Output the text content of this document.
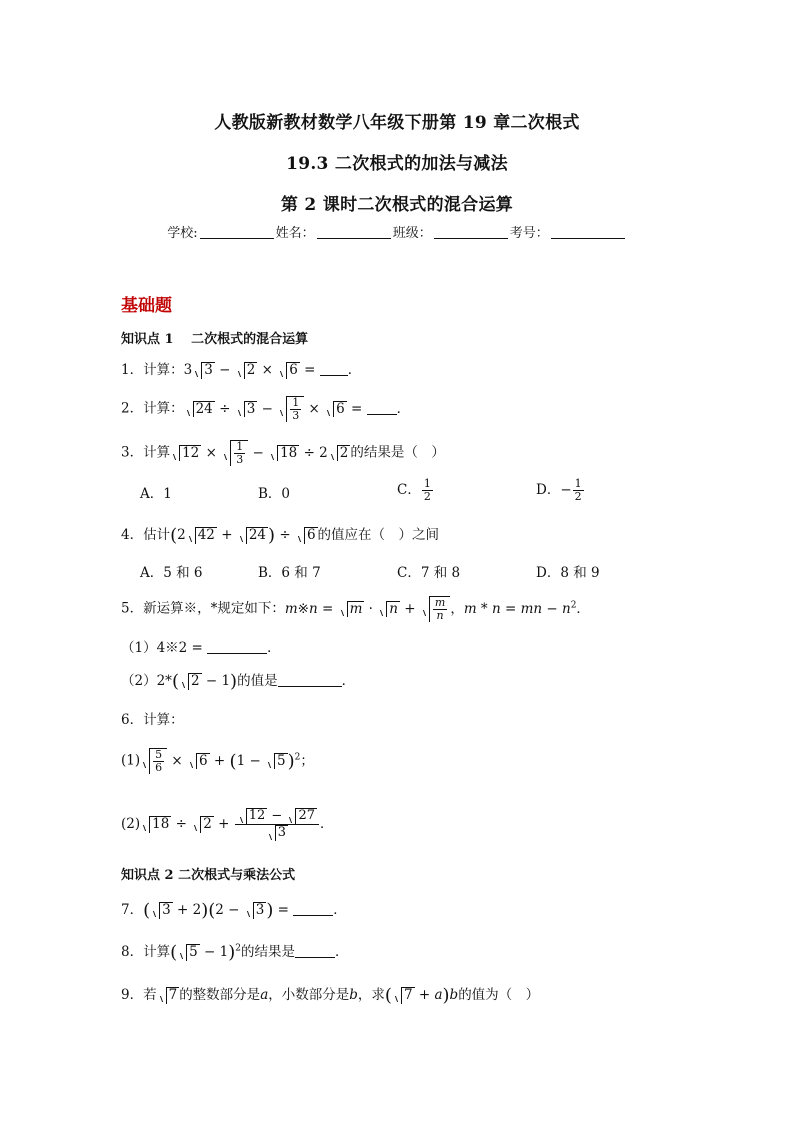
人教版新教材数学八年级下册第 19 章二次根式
19.3 二次根式的加法与减法
第 2 课时二次根式的混合运算
学校:	姓名：	班级：	考号：
基础题
知识点 1　 二次根式的混合运算
1．计算：3 3 − 2 × 6 = ．
2．计算： $24 \div 3 - \frac{1}{3} \times 6$ = ．
3．计算 $12 \times \frac{1}{3} - 18 \div 2$ 2 的结果是（　）
A．1	B．0	C． $\frac{1}{2}$	D．− $\frac{1}{2}$
4．估计(2 42 + 24 ) ÷ 6 的值应在（　）之间
A．5 和 6	B．6 和 7	C．7 和 8	D．8 和 9
5．新运算※，*规定如下：m※n = $m \cdot n + \frac{m}{n}$ ，m * n = mn − $n^2$．
（1）4※2 =	．
（2）2*( 2 − 1)的值是	．
6．计算：
$(1) \frac{5}{6} \times 6 + (1 - 5$ )$^2$；
(2) $18 \div 2 + \frac{12 - 27}{3}$ ．
知识点 2 二次根式与乘法公式
7．( 3 + 2)(2 − 3 ) =	．
8．计算( 5 − 1)$^2$的结果是	．
9．若 7 的整数部分是a，小数部分是b，求( 7 + a)b的值为（　）
